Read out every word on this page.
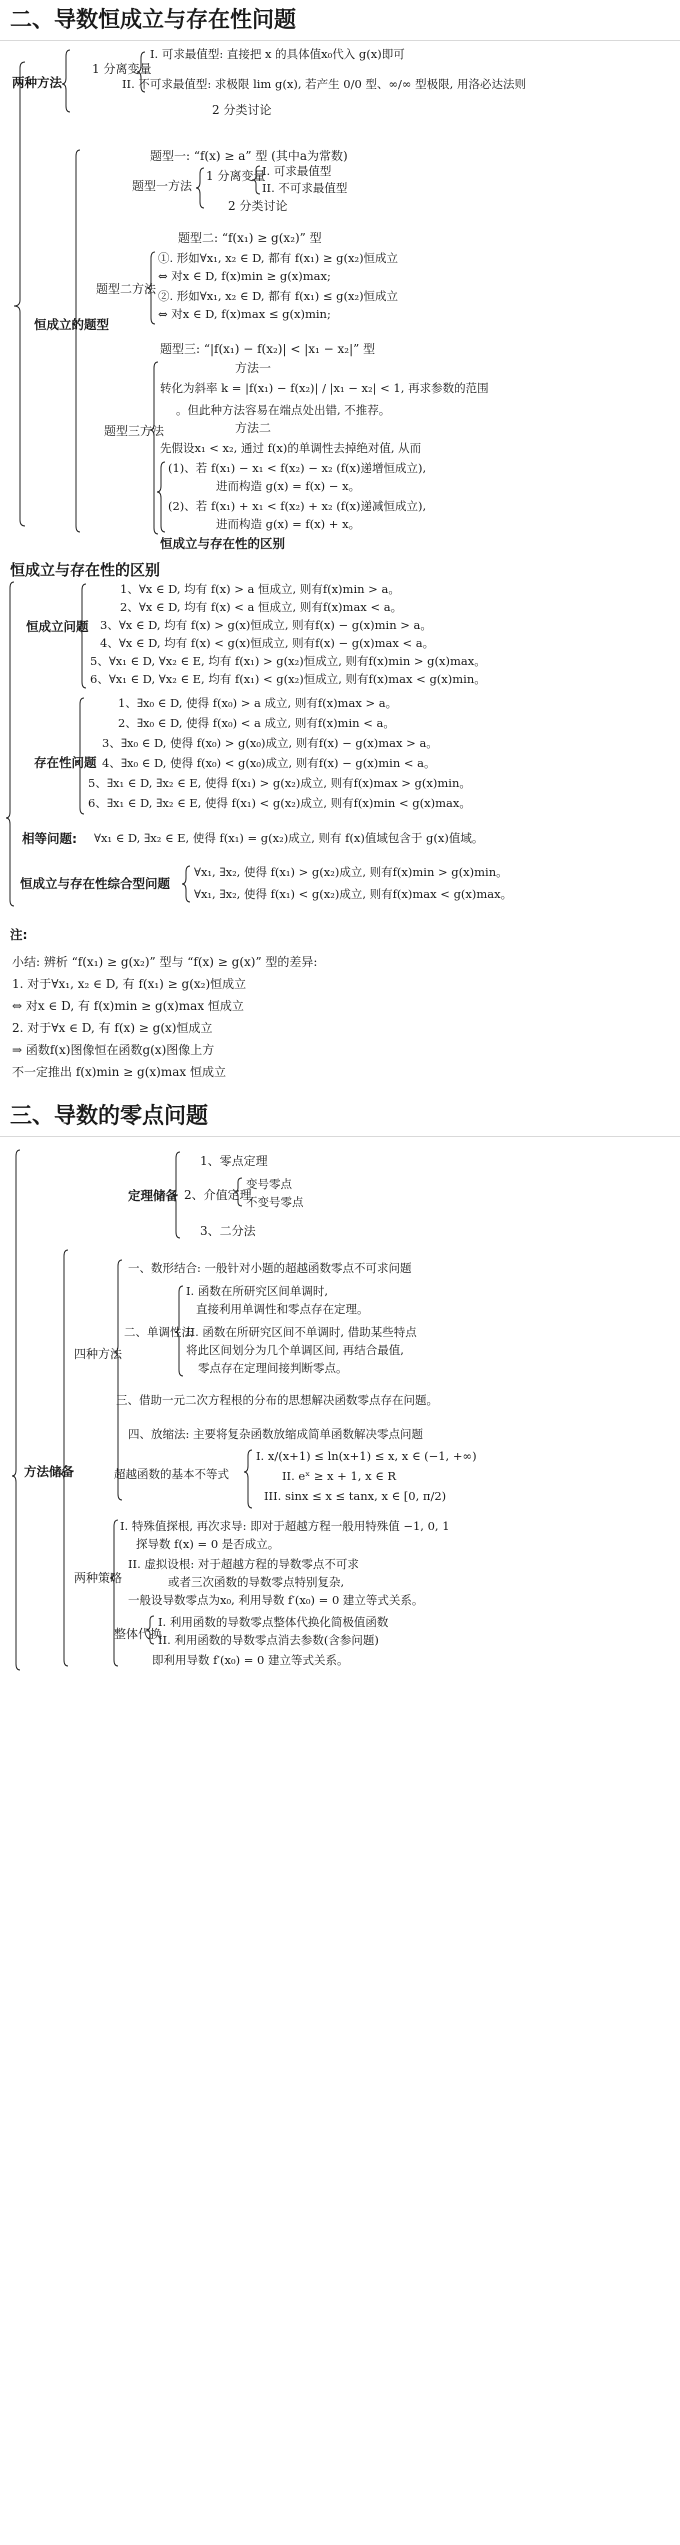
二、导数恒成立与存在性问题
两种方法
1 分离变量
I. 可求最值型: 直接把 x 的具体值x₀代入 g(x)即可
II. 不可求最值型: 求极限 lim g(x), 若产生 0/0 型、∞/∞ 型极限, 用洛必达法则
2 分类讨论
恒成立的题型
题型一: “f(x) ≥ a” 型 (其中a为常数)
题型一方法
1 分离变量
I. 可求最值型
II. 不可求最值型
2 分类讨论
题型二: “f(x₁) ≥ g(x₂)” 型
题型二方法
①. 形如∀x₁, x₂ ∈ D, 都有 f(x₁) ≥ g(x₂)恒成立
⇔ 对x ∈ D, f(x)min ≥ g(x)max;
②. 形如∀x₁, x₂ ∈ D, 都有 f(x₁) ≤ g(x₂)恒成立
⇔ 对x ∈ D, f(x)max ≤ g(x)min;
题型三: “|f(x₁) − f(x₂)| < |x₁ − x₂|” 型
题型三方法
方法一
转化为斜率 k = |f(x₁) − f(x₂)| / |x₁ − x₂| < 1, 再求参数的范围
。但此种方法容易在端点处出错, 不推荐。
方法二
先假设x₁ < x₂, 通过 f(x)的单调性去掉绝对值, 从而
(1)、若 f(x₁) − x₁ < f(x₂) − x₂ (f(x)递增恒成立),
进而构造 g(x) = f(x) − x。
(2)、若 f(x₁) + x₁ < f(x₂) + x₂ (f(x)递减恒成立),
进而构造 g(x) = f(x) + x。
恒成立与存在性的区别
恒成立与存在性的区别
恒成立问题
1、∀x ∈ D, 均有 f(x) > a 恒成立, 则有f(x)min > a。
2、∀x ∈ D, 均有 f(x) < a 恒成立, 则有f(x)max < a。
3、∀x ∈ D, 均有 f(x) > g(x)恒成立, 则有f(x) − g(x)min > a。
4、∀x ∈ D, 均有 f(x) < g(x)恒成立, 则有f(x) − g(x)max < a。
5、∀x₁ ∈ D, ∀x₂ ∈ E, 均有 f(x₁) > g(x₂)恒成立, 则有f(x)min > g(x)max。
6、∀x₁ ∈ D, ∀x₂ ∈ E, 均有 f(x₁) < g(x₂)恒成立, 则有f(x)max < g(x)min。
存在性问题
1、∃x₀ ∈ D, 使得 f(x₀) > a 成立, 则有f(x)max > a。
2、∃x₀ ∈ D, 使得 f(x₀) < a 成立, 则有f(x)min < a。
3、∃x₀ ∈ D, 使得 f(x₀) > g(x₀)成立, 则有f(x) − g(x)max > a。
4、∃x₀ ∈ D, 使得 f(x₀) < g(x₀)成立, 则有f(x) − g(x)min < a。
5、∃x₁ ∈ D, ∃x₂ ∈ E, 使得 f(x₁) > g(x₂)成立, 则有f(x)max > g(x)min。
6、∃x₁ ∈ D, ∃x₂ ∈ E, 使得 f(x₁) < g(x₂)成立, 则有f(x)min < g(x)max。
相等问题: ∀x₁ ∈ D, ∃x₂ ∈ E, 使得 f(x₁) = g(x₂)成立, 则有 f(x)值域包含于 g(x)值域。
恒成立与存在性综合型问题
∀x₁, ∃x₂, 使得 f(x₁) > g(x₂)成立, 则有f(x)min > g(x)min。
∀x₁, ∃x₂, 使得 f(x₁) < g(x₂)成立, 则有f(x)max < g(x)max。
注:
小结: 辨析 “f(x₁) ≥ g(x₂)” 型与 “f(x) ≥ g(x)” 型的差异:
1. 对于∀x₁, x₂ ∈ D, 有 f(x₁) ≥ g(x₂)恒成立
⇔ 对x ∈ D, 有 f(x)min ≥ g(x)max 恒成立
2. 对于∀x ∈ D, 有 f(x) ≥ g(x)恒成立
⇒ 函数f(x)图像恒在函数g(x)图像上方
不一定推出 f(x)min ≥ g(x)max 恒成立
三、导数的零点问题
定理储备
1、零点定理
2、介值定理
变号零点
不变号零点
3、二分法
方法储备
四种方法
一、数形结合: 一般针对小题的超越函数零点不可求问题
二、单调性法
I. 函数在所研究区间单调时,
直接利用单调性和零点存在定理。
II. 函数在所研究区间不单调时, 借助某些特点
将此区间划分为几个单调区间, 再结合最值,
零点存在定理间接判断零点。
三、借助一元二次方程根的分布的思想解决函数零点存在问题。
四、放缩法: 主要将复杂函数放缩成简单函数解决零点问题
超越函数的基本不等式
I. x/(x+1) ≤ ln(x+1) ≤ x, x ∈ (−1, +∞)
II. eˣ ≥ x + 1, x ∈ R
III. sinx ≤ x ≤ tanx, x ∈ [0, π/2)
两种策略
I. 特殊值探根, 再次求导: 即对于超越方程一般用特殊值 −1, 0, 1
探导数 f(x) = 0 是否成立。
II. 虚拟设根: 对于超越方程的导数零点不可求
或者三次函数的导数零点特别复杂,
一般设导数零点为x₀, 利用导数 f′(x₀) = 0 建立等式关系。
整体代换
I. 利用函数的导数零点整体代换化简极值函数
II. 利用函数的导数零点消去参数(含参问题)
即利用导数 f′(x₀) = 0 建立等式关系。
